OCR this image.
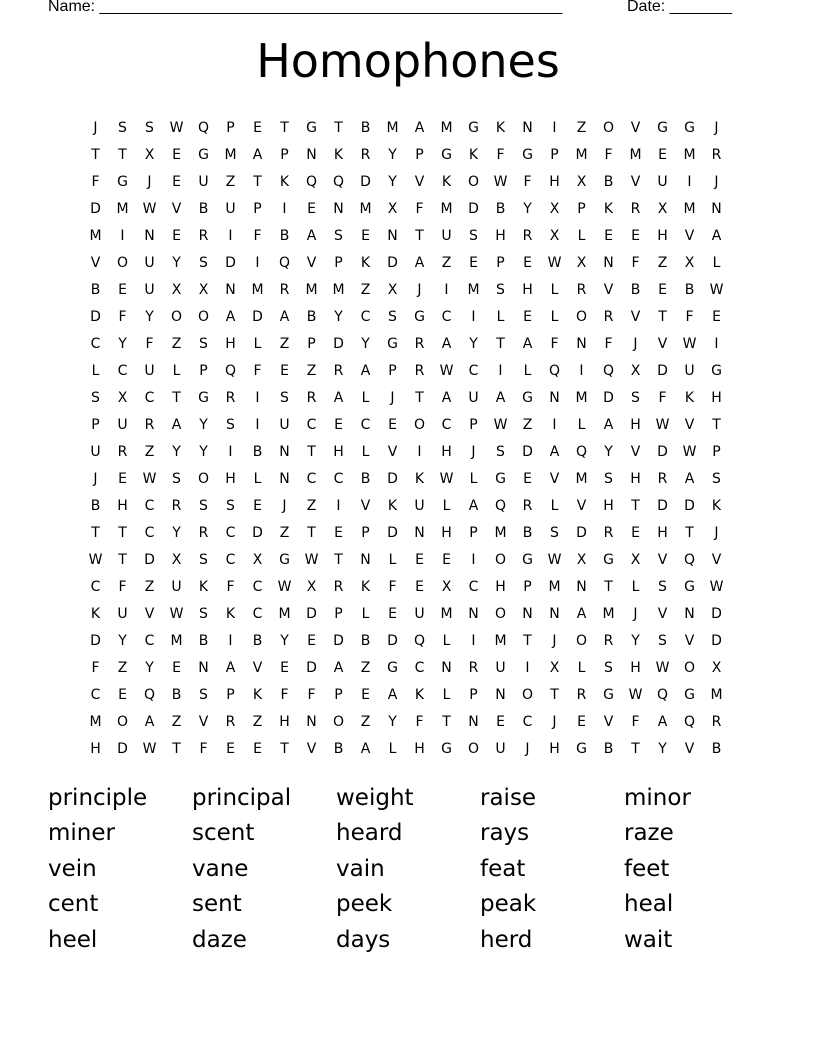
Name: ____________________________________________________	Date: _______
Homophones
J	S	S	W	Q	P	E	T	G	T	B	M	A	M	G	K	N	I	Z	O	V	G	G	J
T	T	X	E	G	M	A	P	N	K	R	Y	P	G	K	F	G	P	M	F	M	E	M	R
F	G	J	E	U	Z	T	K	Q	Q	D	Y	V	K	O	W	F	H	X	B	V	U	I	J
D	M	W	V	B	U	P	I	E	N	M	X	F	M	D	B	Y	X	P	K	R	X	M	N
M	I	N	E	R	I	F	B	A	S	E	N	T	U	S	H	R	X	L	E	E	H	V	A
V	O	U	Y	S	D	I	Q	V	P	K	D	A	Z	E	P	E	W	X	N	F	Z	X	L
B	E	U	X	X	N	M	R	M	M	Z	X	J	I	M	S	H	L	R	V	B	E	B	W
D	F	Y	O	O	A	D	A	B	Y	C	S	G	C	I	L	E	L	O	R	V	T	F	E
C	Y	F	Z	S	H	L	Z	P	D	Y	G	R	A	Y	T	A	F	N	F	J	V	W	I
L	C	U	L	P	Q	F	E	Z	R	A	P	R	W	C	I	L	Q	I	Q	X	D	U	G
S	X	C	T	G	R	I	S	R	A	L	J	T	A	U	A	G	N	M	D	S	F	K	H
P	U	R	A	Y	S	I	U	C	E	C	E	O	C	P	W	Z	I	L	A	H	W	V	T
U	R	Z	Y	Y	I	B	N	T	H	L	V	I	H	J	S	D	A	Q	Y	V	D	W	P
J	E	W	S	O	H	L	N	C	C	B	D	K	W	L	G	E	V	M	S	H	R	A	S
B	H	C	R	S	S	E	J	Z	I	V	K	U	L	A	Q	R	L	V	H	T	D	D	K
T	T	C	Y	R	C	D	Z	T	E	P	D	N	H	P	M	B	S	D	R	E	H	T	J
W	T	D	X	S	C	X	G	W	T	N	L	E	E	I	O	G	W	X	G	X	V	Q	V
C	F	Z	U	K	F	C	W	X	R	K	F	E	X	C	H	P	M	N	T	L	S	G	W
K	U	V	W	S	K	C	M	D	P	L	E	U	M	N	O	N	N	A	M	J	V	N	D
D	Y	C	M	B	I	B	Y	E	D	B	D	Q	L	I	M	T	J	O	R	Y	S	V	D
F	Z	Y	E	N	A	V	E	D	A	Z	G	C	N	R	U	I	X	L	S	H	W	O	X
C	E	Q	B	S	P	K	F	F	P	E	A	K	L	P	N	O	T	R	G	W	Q	G	M
M	O	A	Z	V	R	Z	H	N	O	Z	Y	F	T	N	E	C	J	E	V	F	A	Q	R
H	D	W	T	F	E	E	T	V	B	A	L	H	G	O	U	J	H	G	B	T	Y	V	B
principle	principal	weight	raise	minor
miner	scent	heard	rays	raze
vein	vane	vain	feat	feet
cent	sent	peek	peak	heal
heel	daze	days	herd	wait
